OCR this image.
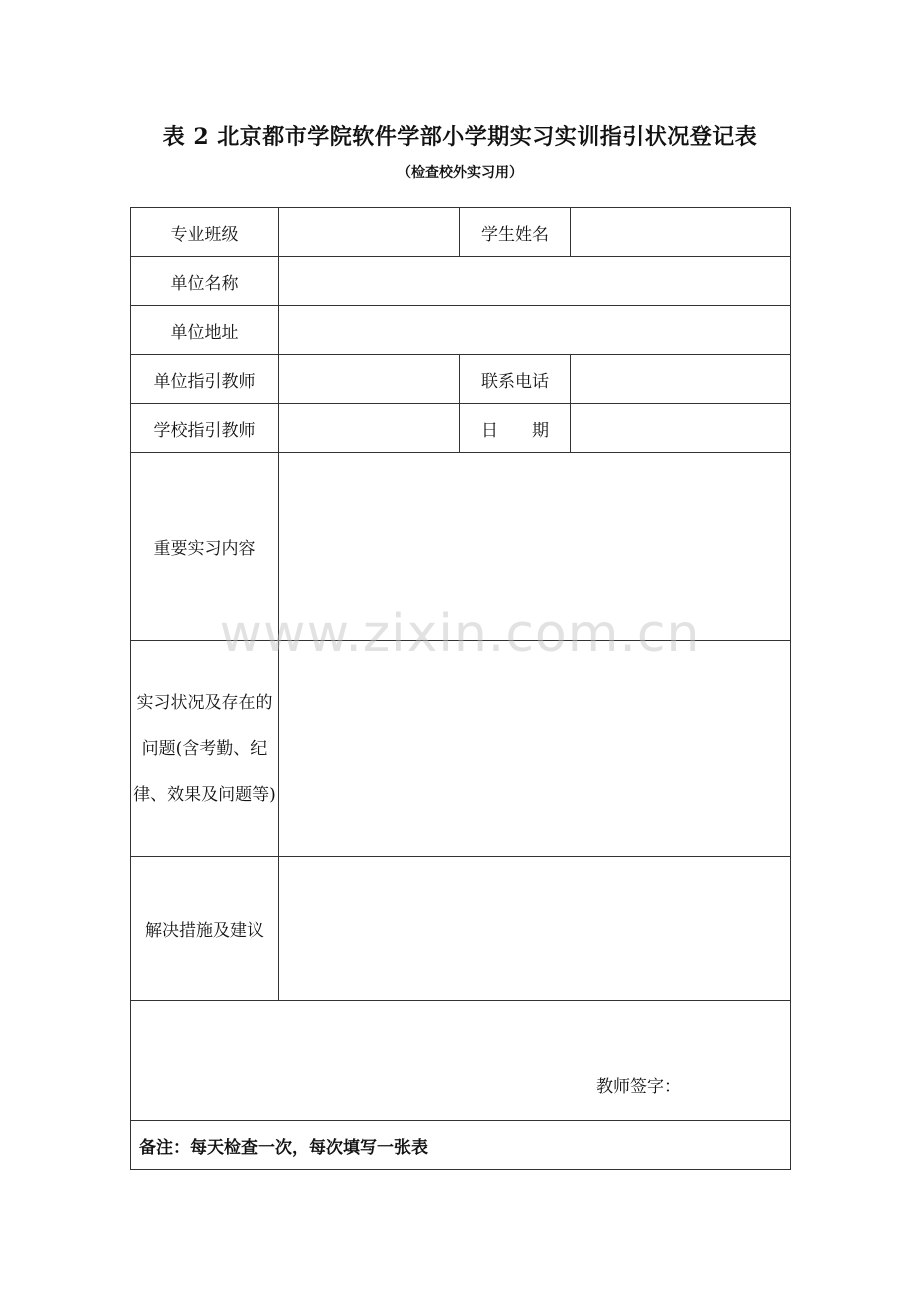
表 2 北京都市学院软件学部小学期实习实训指引状况登记表
（检查校外实习用）
专业班级		学生姓名	
单位名称			
单位地址			
单位指引教师		联系电话	
学校指引教师		日　　期	
重要实习内容			
实习状况及存在的问题(含考勤、纪律、效果及问题等)			
解决措施及建议			

教师签字：			

备注：每天检查一次，每次填写一张表			
www.zixin.com.cn
